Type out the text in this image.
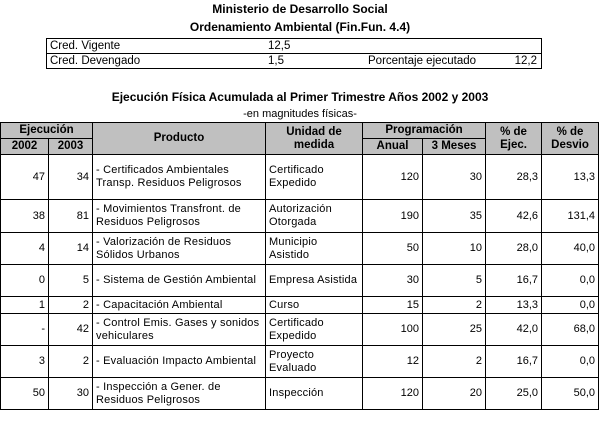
Ministerio de Desarrollo Social
Ordenamiento Ambiental (Fin.Fun. 4.4)
Cred. Vigente	12,5
Cred. Devengado	1,5	Porcentaje ejecutado	12,2
Ejecución Física Acumulada al Primer Trimestre Años 2002 y 2003
-en magnitudes físicas-
Ejecución		Producto	Unidad de medida	Programación		% de Ejec.	% de Desvio
2002	2003			Anual	3 Meses		
47	34	- Certificados Ambientales Transp. Residuos Peligrosos	Certificado Expedido	120	30	28,3	13,3
38	81	- Movimientos Transfront. de Residuos Peligrosos	Autorización Otorgada	190	35	42,6	131,4
4	14	- Valorización de Residuos Sólidos Urbanos	Municipio Asistido	50	10	28,0	40,0
0	5	- Sistema de Gestión Ambiental	Empresa Asistida	30	5	16,7	0,0
1	2	- Capacitación Ambiental	Curso	15	2	13,3	0,0
-	42	- Control Emis. Gases y sonidos vehiculares	Certificado Expedido	100	25	42,0	68,0
3	2	- Evaluación Impacto Ambiental	Proyecto Evaluado	12	2	16,7	0,0
50	30	- Inspección a Gener. de Residuos Peligrosos	Inspección	120	20	25,0	50,0
